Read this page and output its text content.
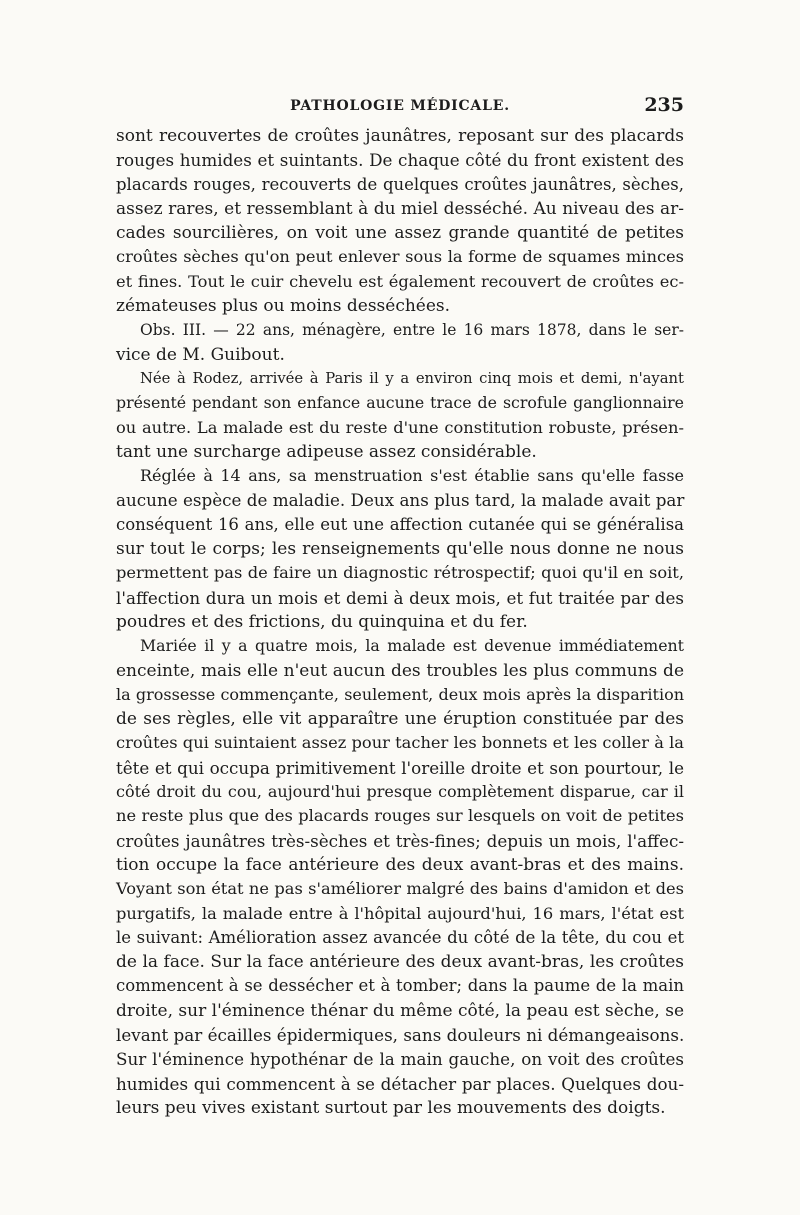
PATHOLOGIE MÉDICALE.	235

sont recouvertes de croûtes jaunâtres, reposant sur des placards
rouges humides et suintants. De chaque côté du front existent des
placards rouges, recouverts de quelques croûtes jaunâtres, sèches,
assez rares, et ressemblant à du miel desséché. Au niveau des ar-
cades sourcilières, on voit une assez grande quantité de petites
croûtes sèches qu'on peut enlever sous la forme de squames minces
et fines. Tout le cuir chevelu est également recouvert de croûtes ec-
zémateuses plus ou moins desséchées.

Obs. III. — 22 ans, ménagère, entre le 16 mars 1878, dans le ser-
vice de M. Guibout.

Née à Rodez, arrivée à Paris il y a environ cinq mois et demi, n'ayant
présenté pendant son enfance aucune trace de scrofule ganglionnaire
ou autre. La malade est du reste d'une constitution robuste, présen-
tant une surcharge adipeuse assez considérable.

Réglée à 14 ans, sa menstruation s'est établie sans qu'elle fasse
aucune espèce de maladie. Deux ans plus tard, la malade avait par
conséquent 16 ans, elle eut une affection cutanée qui se généralisa
sur tout le corps; les renseignements qu'elle nous donne ne nous
permettent pas de faire un diagnostic rétrospectif; quoi qu'il en soit,
l'affection dura un mois et demi à deux mois, et fut traitée par des
poudres et des frictions, du quinquina et du fer.

Mariée il y a quatre mois, la malade est devenue immédiatement
enceinte, mais elle n'eut aucun des troubles les plus communs de
la grossesse commençante, seulement, deux mois après la disparition
de ses règles, elle vit apparaître une éruption constituée par des
croûtes qui suintaient assez pour tacher les bonnets et les coller à la
tête et qui occupa primitivement l'oreille droite et son pourtour, le
côté droit du cou, aujourd'hui presque complètement disparue, car il
ne reste plus que des placards rouges sur lesquels on voit de petites
croûtes jaunâtres très-sèches et très-fines; depuis un mois, l'affec-
tion occupe la face antérieure des deux avant-bras et des mains.
Voyant son état ne pas s'améliorer malgré des bains d'amidon et des
purgatifs, la malade entre à l'hôpital aujourd'hui, 16 mars, l'état est
le suivant: Amélioration assez avancée du côté de la tête, du cou et
de la face. Sur la face antérieure des deux avant-bras, les croûtes
commencent à se dessécher et à tomber; dans la paume de la main
droite, sur l'éminence thénar du même côté, la peau est sèche, se
levant par écailles épidermiques, sans douleurs ni démangeaisons.
Sur l'éminence hypothénar de la main gauche, on voit des croûtes
humides qui commencent à se détacher par places. Quelques dou-
leurs peu vives existant surtout par les mouvements des doigts.
